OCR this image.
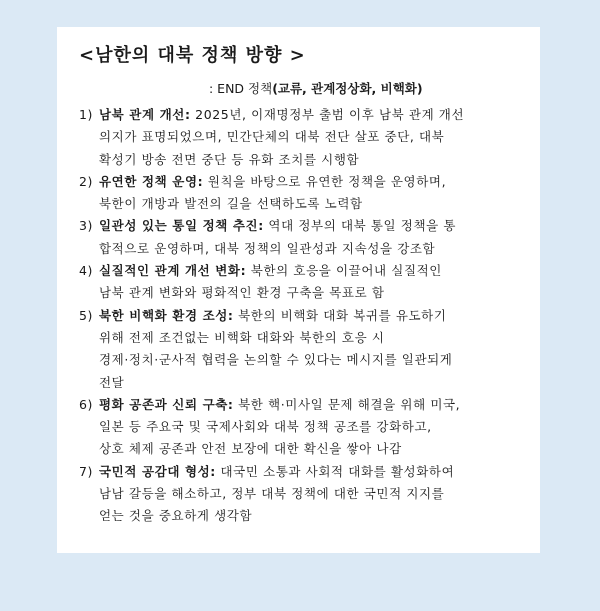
<남한의 대북 정책 방향 >
: END 정책(교류, 관계정상화, 비핵화)
1) 남북 관계 개선: 2025년, 이재명정부 출범 이후 남북 관계 개선
의지가 표명되었으며, 민간단체의 대북 전단 살포 중단, 대북
확성기 방송 전면 중단 등 유화 조치를 시행함
2) 유연한 정책 운영: 원칙을 바탕으로 유연한 정책을 운영하며,
북한이 개방과 발전의 길을 선택하도록 노력함
3) 일관성 있는 통일 정책 추진: 역대 정부의 대북 통일 정책을 통
합적으로 운영하며, 대북 정책의 일관성과 지속성을 강조함
4) 실질적인 관계 개선 변화: 북한의 호응을 이끌어내 실질적인
남북 관계 변화와 평화적인 환경 구축을 목표로 함
5) 북한 비핵화 환경 조성: 북한의 비핵화 대화 복귀를 유도하기
위해 전제 조건없는 비핵화 대화와 북한의 호응 시
경제·정치·군사적 협력을 논의할 수 있다는 메시지를 일관되게
전달
6) 평화 공존과 신뢰 구축: 북한 핵·미사일 문제 해결을 위해 미국,
일본 등 주요국 및 국제사회와 대북 정책 공조를 강화하고,
상호 체제 공존과 안전 보장에 대한 확신을 쌓아 나감
7) 국민적 공감대 형성: 대국민 소통과 사회적 대화를 활성화하여
남남 갈등을 해소하고, 정부 대북 정책에 대한 국민적 지지를
얻는 것을 중요하게 생각함
